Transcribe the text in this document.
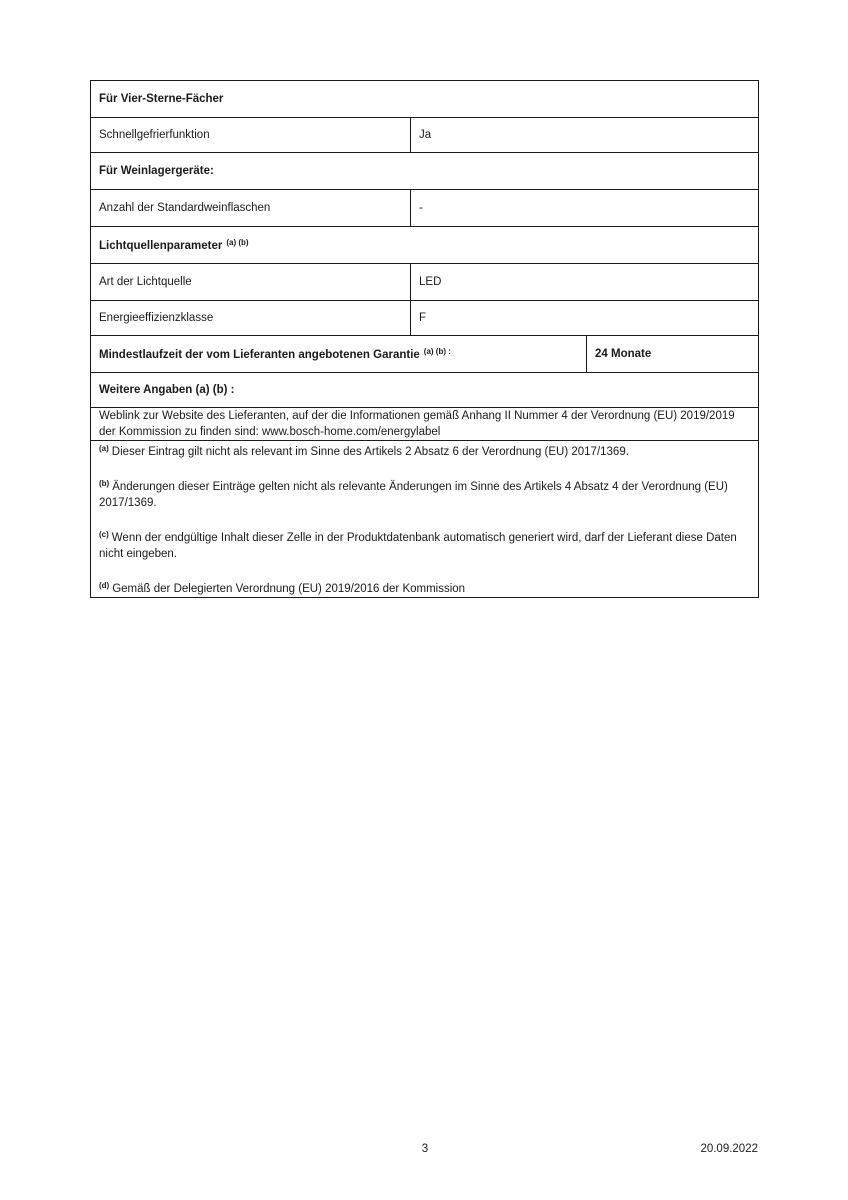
Für Vier-Sterne-Fächer		
Schnellgefrierfunktion	Ja	
Für Weinlagergeräte:		
Anzahl der Standardweinflaschen	-	
Lichtquellenparameter $^{(a) (b)}$
Art der Lichtquelle	LED	
Energieeffizienzklasse	F	
Mindestlaufzeit der vom Lieferanten angebotenen Garantie $^{(a) (b) :}$		24 Monate
Weitere Angaben (a) (b) :		
Weblink zur Website des Lieferanten, auf der die Informationen gemäß Anhang II Nummer 4 der Verordnung (EU) 2019/2019 der Kommission zu finden sind: www.bosch-home.com/energylabel		

$^{(a)}$ Dieser Eintrag gilt nicht als relevant im Sinne des Artikels 2 Absatz 6 der Verordnung (EU) 2017/1369.
$^{(b)}$ Änderungen dieser Einträge gelten nicht als relevante Änderungen im Sinne des Artikels 4 Absatz 4 der Verordnung (EU) 2017/1369.
$^{(c)}$ Wenn der endgültige Inhalt dieser Zelle in der Produktdatenbank automatisch generiert wird, darf der Lieferant diese Daten nicht eingeben.
$^{(d)}$ Gemäß der Delegierten Verordnung (EU) 2019/2016 der Kommission		
3	20.09.2022
